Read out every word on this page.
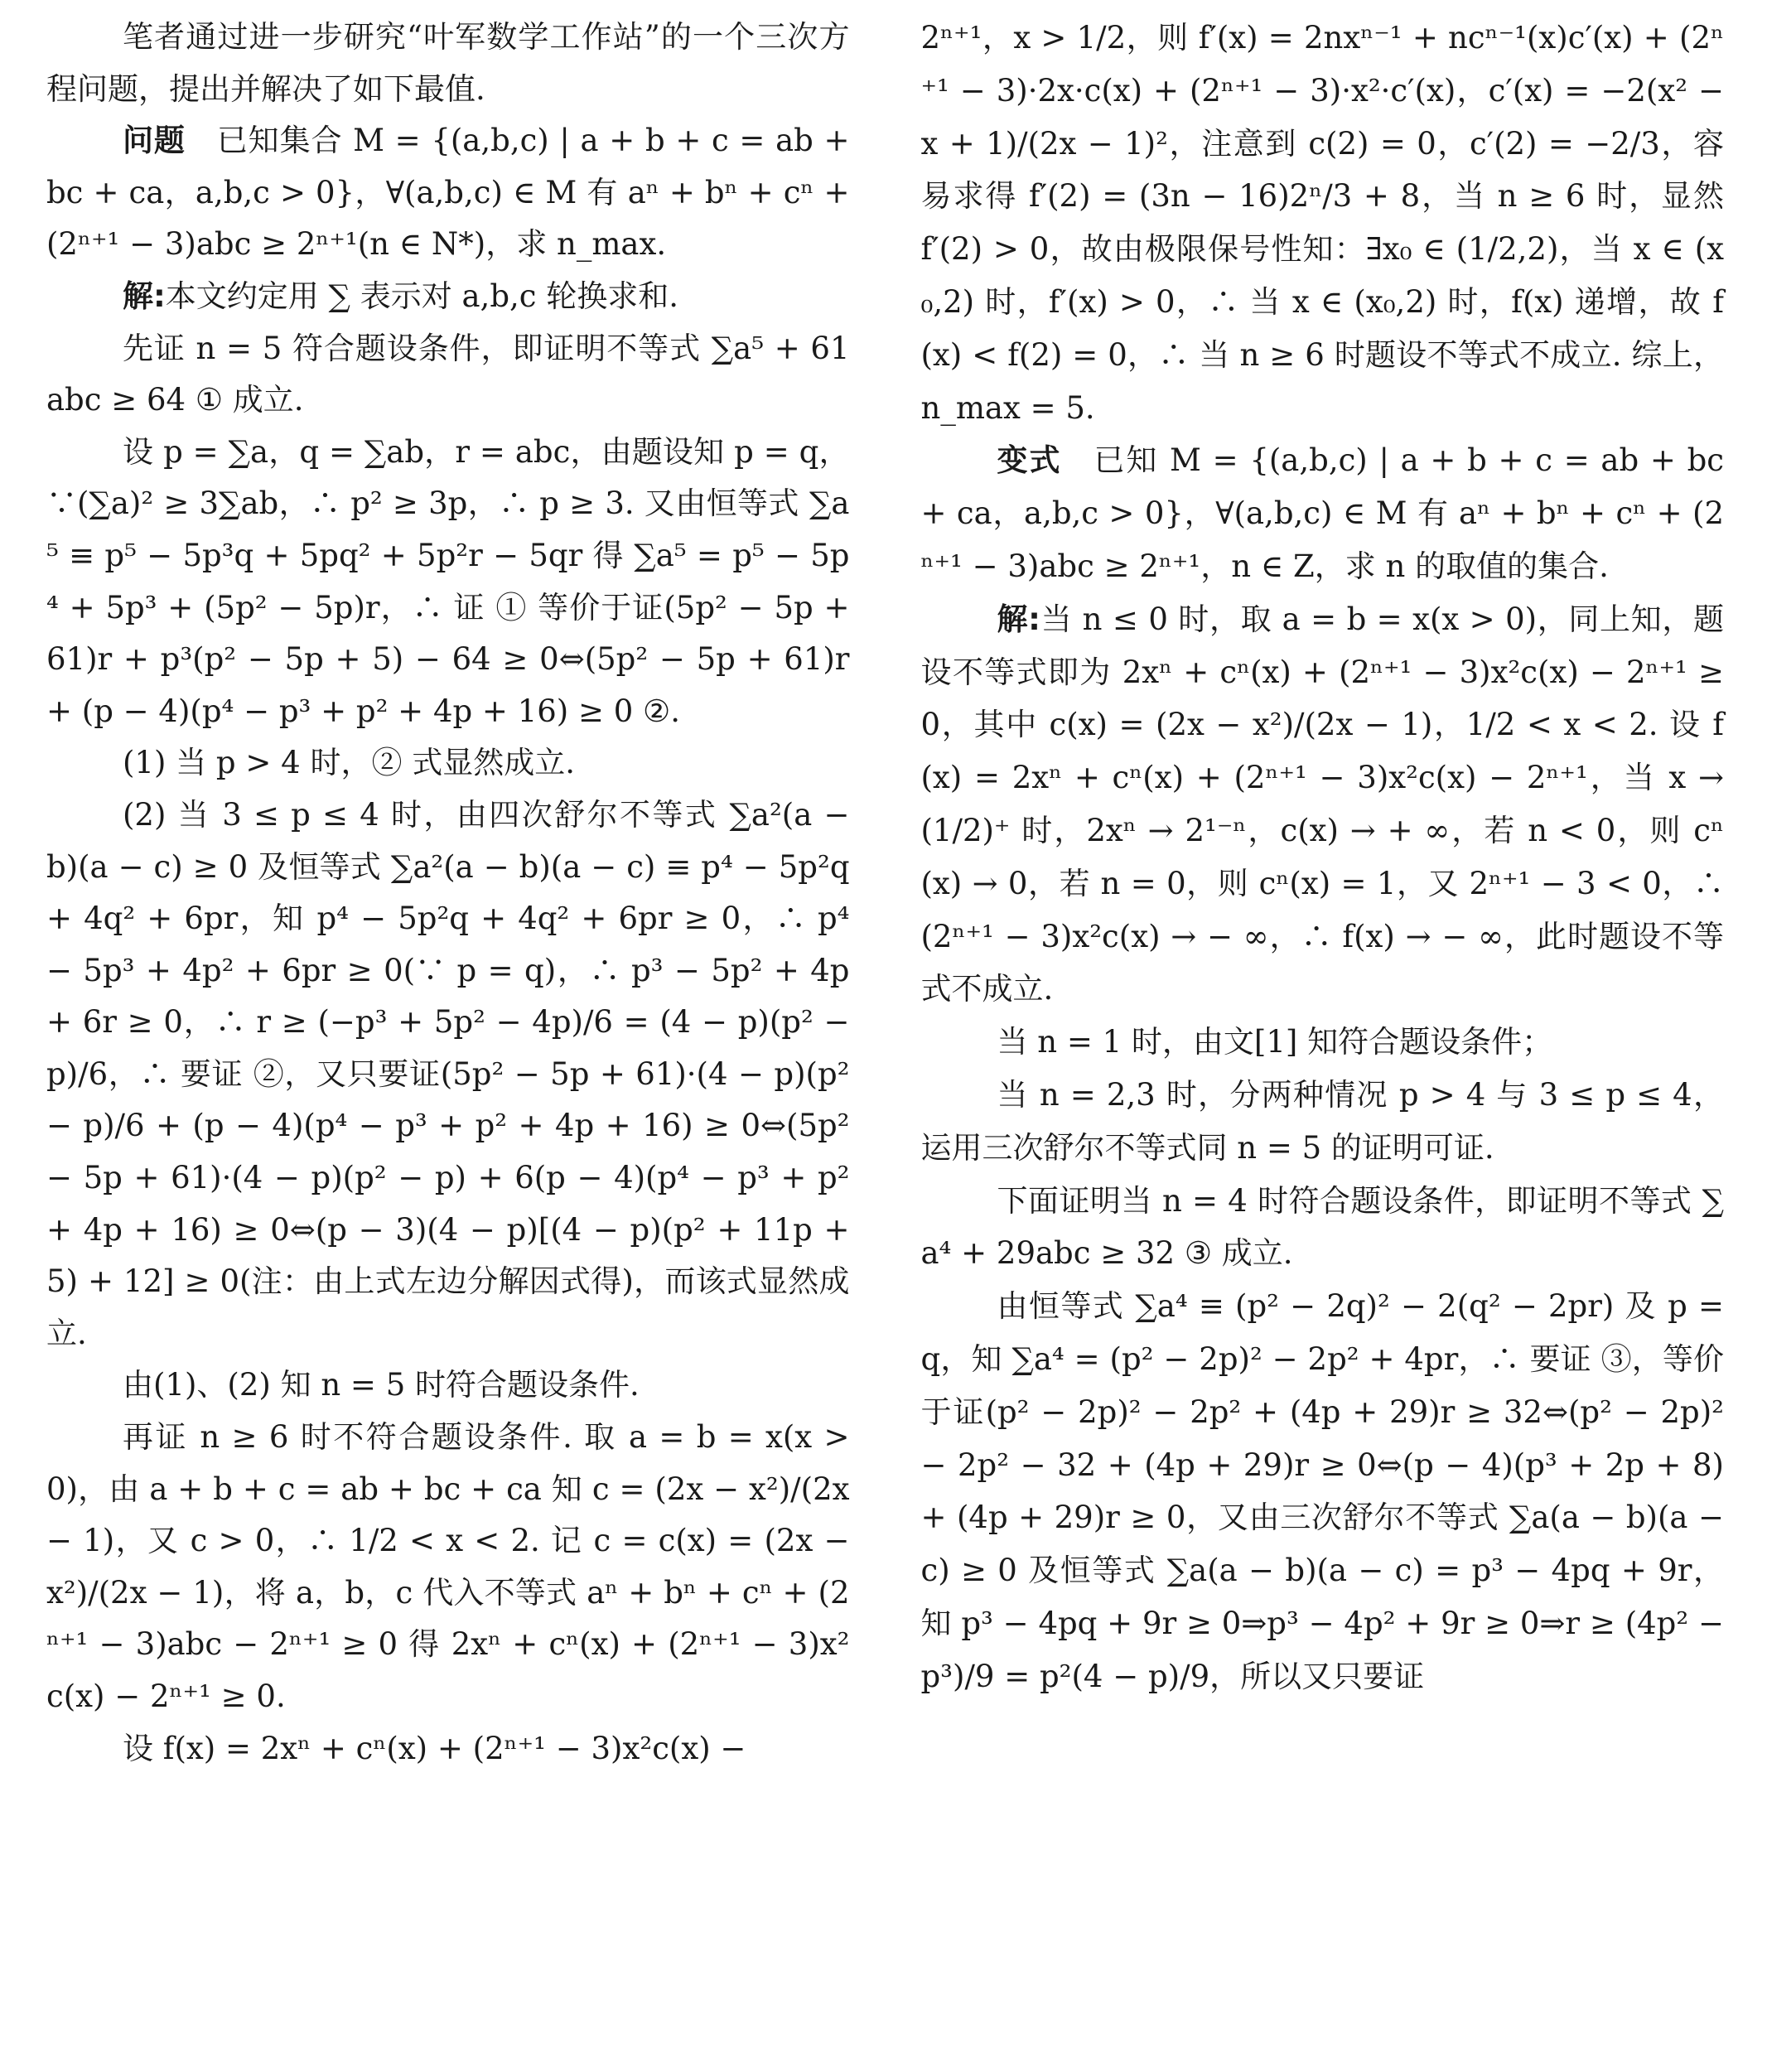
笔者通过进一步研究“叶军数学工作站”的一个三次方程问题，提出并解决了如下最值.

问题　已知集合 M = {(a,b,c) | a + b + c = ab + bc + ca，a,b,c > 0}，∀(a,b,c) ∈ M 有 aⁿ + bⁿ + cⁿ + (2ⁿ⁺¹ − 3)abc ≥ 2ⁿ⁺¹(n ∈ N*)，求 n_max.

解:本文约定用 ∑ 表示对 a,b,c 轮换求和.

先证 n = 5 符合题设条件，即证明不等式 ∑a⁵ + 61abc ≥ 64 ① 成立.

设 p = ∑a，q = ∑ab，r = abc，由题设知 p = q，∵(∑a)² ≥ 3∑ab，∴ p² ≥ 3p，∴ p ≥ 3. 又由恒等式 ∑a⁵ ≡ p⁵ − 5p³q + 5pq² + 5p²r − 5qr 得 ∑a⁵ = p⁵ − 5p⁴ + 5p³ + (5p² − 5p)r，∴ 证 ① 等价于证(5p² − 5p + 61)r + p³(p² − 5p + 5) − 64 ≥ 0⇔(5p² − 5p + 61)r + (p − 4)(p⁴ − p³ + p² + 4p + 16) ≥ 0 ②.

(1) 当 p > 4 时，② 式显然成立.

(2) 当 3 ≤ p ≤ 4 时，由四次舒尔不等式 ∑a²(a − b)(a − c) ≥ 0 及恒等式 ∑a²(a − b)(a − c) ≡ p⁴ − 5p²q + 4q² + 6pr，知 p⁴ − 5p²q + 4q² + 6pr ≥ 0，∴ p⁴ − 5p³ + 4p² + 6pr ≥ 0(∵ p = q)，∴ p³ − 5p² + 4p + 6r ≥ 0，∴ r ≥ (−p³ + 5p² − 4p)/6 = (4 − p)(p² − p)/6，∴ 要证 ②，又只要证(5p² − 5p + 61)·(4 − p)(p² − p)/6 + (p − 4)(p⁴ − p³ + p² + 4p + 16) ≥ 0⇔(5p² − 5p + 61)·(4 − p)(p² − p) + 6(p − 4)(p⁴ − p³ + p² + 4p + 16) ≥ 0⇔(p − 3)(4 − p)[(4 − p)(p² + 11p + 5) + 12] ≥ 0(注：由上式左边分解因式得)，而该式显然成立.

由(1)、(2) 知 n = 5 时符合题设条件.

再证 n ≥ 6 时不符合题设条件. 取 a = b = x(x > 0)，由 a + b + c = ab + bc + ca 知 c = (2x − x²)/(2x − 1)，又 c > 0，∴ 1/2 < x < 2. 记 c = c(x) = (2x − x²)/(2x − 1)，将 a，b，c 代入不等式 aⁿ + bⁿ + cⁿ + (2ⁿ⁺¹ − 3)abc − 2ⁿ⁺¹ ≥ 0 得 2xⁿ + cⁿ(x) + (2ⁿ⁺¹ − 3)x²c(x) − 2ⁿ⁺¹ ≥ 0.

设 f(x) = 2xⁿ + cⁿ(x) + (2ⁿ⁺¹ − 3)x²c(x) −

2ⁿ⁺¹，x > 1/2，则 f′(x) = 2nxⁿ⁻¹ + ncⁿ⁻¹(x)c′(x) + (2ⁿ⁺¹ − 3)·2x·c(x) + (2ⁿ⁺¹ − 3)·x²·c′(x)，c′(x) = −2(x² − x + 1)/(2x − 1)²，注意到 c(2) = 0，c′(2) = −2/3，容易求得 f′(2) = (3n − 16)2ⁿ/3 + 8，当 n ≥ 6 时，显然 f′(2) > 0，故由极限保号性知：∃x₀ ∈ (1/2,2)，当 x ∈ (x₀,2) 时，f′(x) > 0，∴ 当 x ∈ (x₀,2) 时，f(x) 递增，故 f(x) < f(2) = 0，∴ 当 n ≥ 6 时题设不等式不成立. 综上，n_max = 5.

变式　已知 M = {(a,b,c) | a + b + c = ab + bc + ca，a,b,c > 0}，∀(a,b,c) ∈ M 有 aⁿ + bⁿ + cⁿ + (2ⁿ⁺¹ − 3)abc ≥ 2ⁿ⁺¹，n ∈ Z，求 n 的取值的集合.

解:当 n ≤ 0 时，取 a = b = x(x > 0)，同上知，题设不等式即为 2xⁿ + cⁿ(x) + (2ⁿ⁺¹ − 3)x²c(x) − 2ⁿ⁺¹ ≥ 0，其中 c(x) = (2x − x²)/(2x − 1)，1/2 < x < 2. 设 f(x) = 2xⁿ + cⁿ(x) + (2ⁿ⁺¹ − 3)x²c(x) − 2ⁿ⁺¹，当 x → (1/2)⁺ 时，2xⁿ → 2¹⁻ⁿ，c(x) → + ∞，若 n < 0，则 cⁿ(x) → 0，若 n = 0，则 cⁿ(x) = 1，又 2ⁿ⁺¹ − 3 < 0，∴ (2ⁿ⁺¹ − 3)x²c(x) → − ∞，∴ f(x) → − ∞，此时题设不等式不成立.

当 n = 1 时，由文[1] 知符合题设条件；

当 n = 2,3 时，分两种情况 p > 4 与 3 ≤ p ≤ 4，运用三次舒尔不等式同 n = 5 的证明可证.

下面证明当 n = 4 时符合题设条件，即证明不等式 ∑a⁴ + 29abc ≥ 32 ③ 成立.

由恒等式 ∑a⁴ ≡ (p² − 2q)² − 2(q² − 2pr) 及 p = q，知 ∑a⁴ = (p² − 2p)² − 2p² + 4pr，∴ 要证 ③，等价于证(p² − 2p)² − 2p² + (4p + 29)r ≥ 32⇔(p² − 2p)² − 2p² − 32 + (4p + 29)r ≥ 0⇔(p − 4)(p³ + 2p + 8) + (4p + 29)r ≥ 0，又由三次舒尔不等式 ∑a(a − b)(a − c) ≥ 0 及恒等式 ∑a(a − b)(a − c) = p³ − 4pq + 9r，知 p³ − 4pq + 9r ≥ 0⇒p³ − 4p² + 9r ≥ 0⇒r ≥ (4p² − p³)/9 = p²(4 − p)/9，所以又只要证
